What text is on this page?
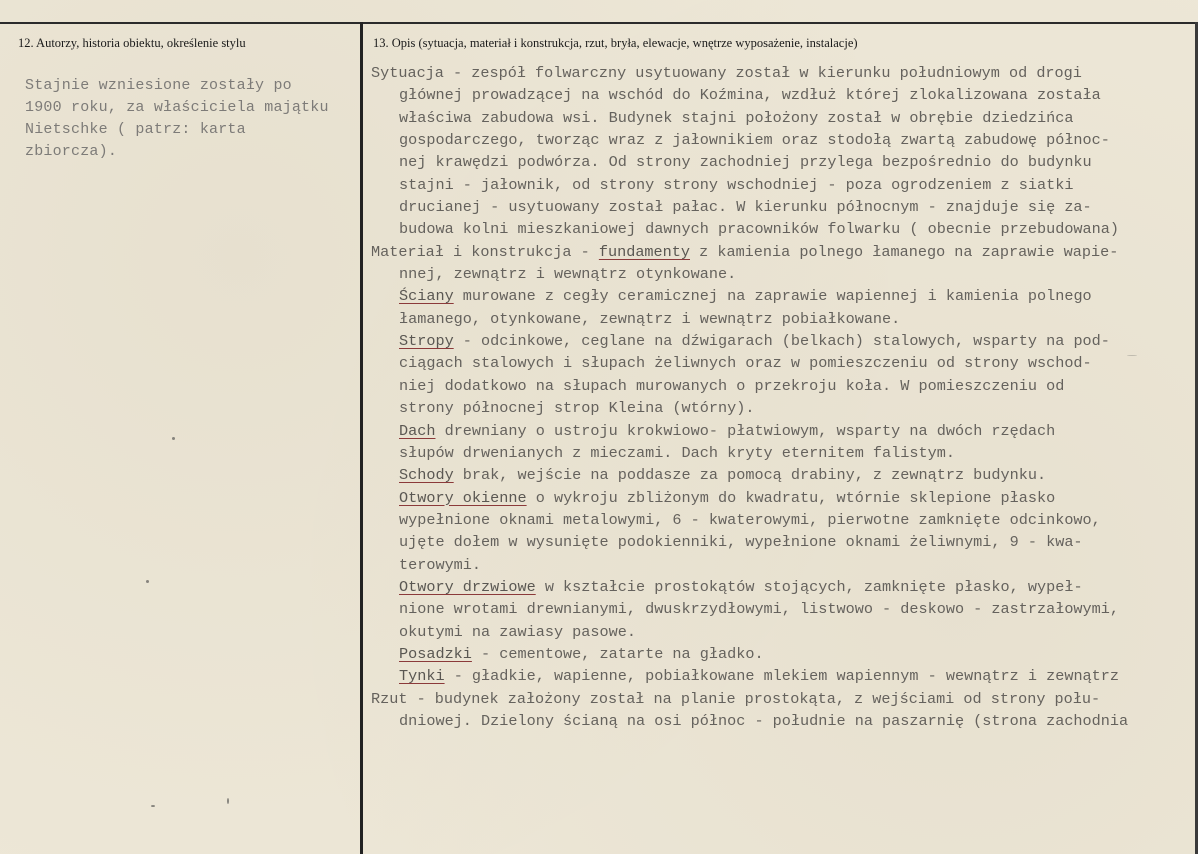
12. Autorzy, historia obiektu, określenie stylu	13. Opis (sytuacja, materiał i konstrukcja, rzut, bryła, elewacje, wnętrze wyposażenie, instalacje)
Stajnie wzniesione zostały po
1900 roku, za właściciela majątku
Nietschke ( patrz: karta
zbiorcza).
Sytuacja - zespół folwarczny usytuowany został w kierunku południowym od drogi
głównej prowadzącej na wschód do Koźmina, wzdłuż której zlokalizowana została
właściwa zabudowa wsi. Budynek stajni położony został w obrębie dziedzińca
gospodarczego, tworząc wraz z jałownikiem oraz stodołą zwartą zabudowę północ-
nej krawędzi podwórza. Od strony zachodniej przylega bezpośrednio do budynku
stajni - jałownik, od strony strony wschodniej - poza ogrodzeniem z siatki
drucianej - usytuowany został pałac. W kierunku północnym - znajduje się za-
budowa kolni mieszkaniowej dawnych pracowników folwarku ( obecnie przebudowana)
Materiał i konstrukcja - fundamenty z kamienia polnego łamanego na zaprawie wapie-
nnej, zewnątrz i wewnątrz otynkowane.
Ściany murowane z cegły ceramicznej na zaprawie wapiennej i kamienia polnego
łamanego, otynkowane, zewnątrz i wewnątrz pobiałkowane.
Stropy - odcinkowe, ceglane na dźwigarach (belkach) stalowych, wsparty na pod-
ciągach stalowych i słupach żeliwnych oraz w pomieszczeniu od strony wschod-
niej dodatkowo na słupach murowanych o przekroju koła. W pomieszczeniu od
strony północnej strop Kleina (wtórny).
Dach drewniany o ustroju krokwiowo- płatwiowym, wsparty na dwóch rzędach
słupów drwenianych z mieczami. Dach kryty eternitem falistym.
Schody brak, wejście na poddasze za pomocą drabiny, z zewnątrz budynku.
Otwory okienne o wykroju zbliżonym do kwadratu, wtórnie sklepione płasko
wypełnione oknami metalowymi, 6 - kwaterowymi, pierwotne zamknięte odcinkowo,
ujęte dołem w wysunięte podokienniki, wypełnione oknami żeliwnymi, 9 - kwa-
terowymi.
Otwory drzwiowe w kształcie prostokątów stojących, zamknięte płasko, wypeł-
nione wrotami drewnianymi, dwuskrzydłowymi, listwowo - deskowo - zastrzałowymi,
okutymi na zawiasy pasowe.
Posadzki - cementowe, zatarte na gładko.
Tynki - gładkie, wapienne, pobiałkowane mlekiem wapiennym - wewnątrz i zewnątrz
Rzut - budynek założony został na planie prostokąta, z wejściami od strony połu-
dniowej. Dzielony ścianą na osi północ - południe na paszarnię (strona zachodnia
